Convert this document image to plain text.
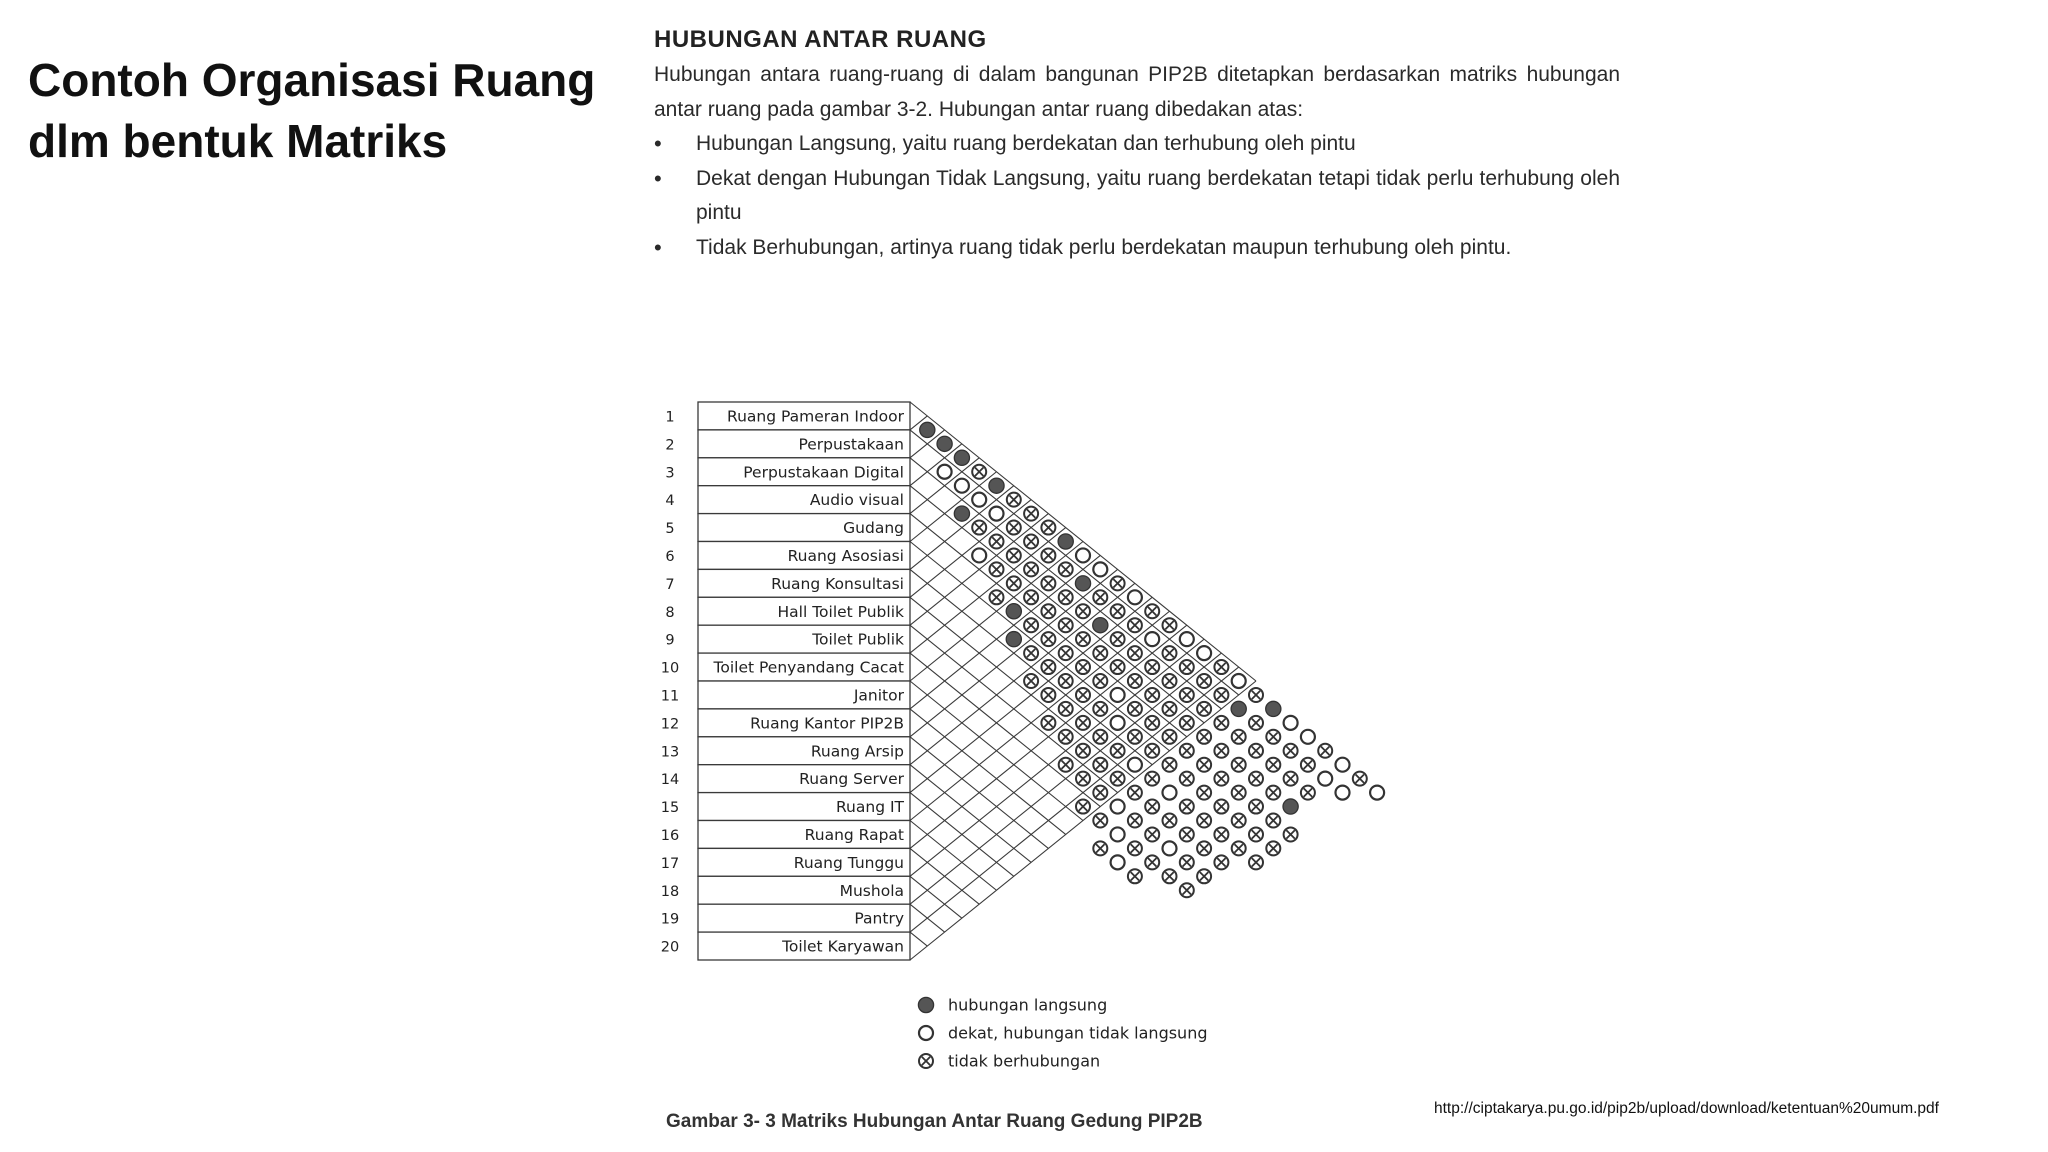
Contoh Organisasi Ruang
dlm bentuk Matriks
HUBUNGAN ANTAR RUANG
Hubungan antara ruang-ruang di dalam bangunan PIP2B ditetapkan berdasarkan matriks hubungan antar ruang pada gambar 3-2. Hubungan antar ruang dibedakan atas:
• Hubungan Langsung, yaitu ruang berdekatan dan terhubung oleh pintu
• Dekat dengan Hubungan Tidak Langsung, yaitu ruang berdekatan tetapi tidak perlu terhubung oleh pintu
• Tidak Berhubungan, artinya ruang tidak perlu berdekatan maupun terhubung oleh pintu.
1	Ruang Pameran Indoor
2	Perpustakaan
3	Perpustakaan Digital
4	Audio visual
5	Gudang
6	Ruang Asosiasi
7	Ruang Konsultasi
8	Hall Toilet Publik
9	Toilet Publik
10 Toilet Penyandang Cacat
11	Janitor
12	Ruang Kantor PIP2B
13	Ruang Arsip
14	Ruang Server
15	Ruang IT
16	Ruang Rapat
17	Ruang Tunggu
18	Mushola
19	Pantry
20	Toilet Karyawan
hubungan langsung
dekat, hubungan tidak langsung
tidak berhubungan
Gambar 3- 3 Matriks Hubungan Antar Ruang Gedung PIP2B
http://ciptakarya.pu.go.id/pip2b/upload/download/ketentuan%20umum.pdf
